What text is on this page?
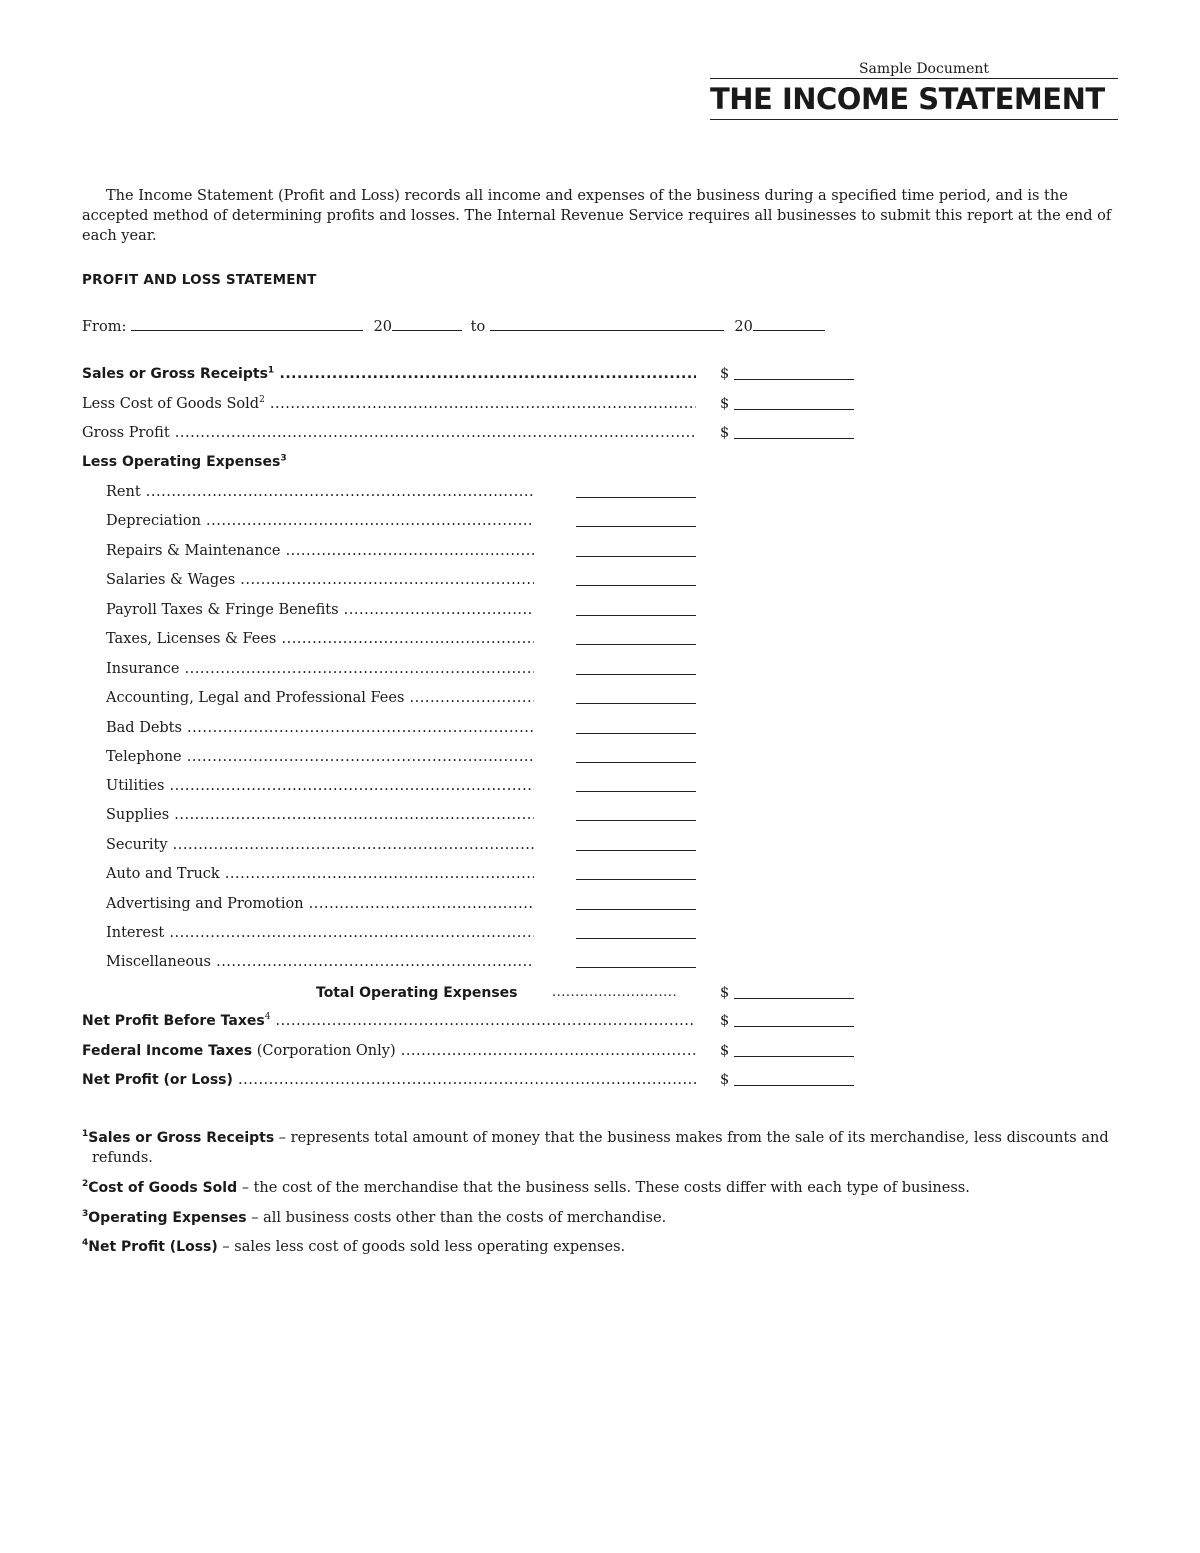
Sample Document
THE INCOME STATEMENT

The Income Statement (Profit and Loss) records all income and expenses of the business during a specified time period, and is the accepted method of determining profits and losses. The Internal Revenue Service requires all businesses to submit this report at the end of each year.

PROFIT AND LOSS STATEMENT
From:	20	to	20
Sales or Gross Receipts$^1$ .....	$
Less Cost of Goods Sold$^2$ .....	$
Gross Profit .....	$
Less Operating Expenses$^3$
Rent .....
Depreciation .....
Repairs & Maintenance .....
Salaries & Wages .....
Payroll Taxes & Fringe Benefits .....
Taxes, Licenses & Fees .....
Insurance .....
Accounting, Legal and Professional Fees .....
Bad Debts .....
Telephone .....
Utilities .....
Supplies .....
Security .....
Auto and Truck .....
Advertising and Promotion .....
Interest .....
Miscellaneous .....
Total Operating Expenses	...........................	$
Net Profit Before Taxes$^4$ .....	$
Federal Income Taxes (Corporation Only) .....	$
Net Profit (or Loss) .....	$
$^1$Sales or Gross Receipts – represents total amount of money that the business makes from the sale of its merchandise, less discounts and refunds.
$^2$Cost of Goods Sold – the cost of the merchandise that the business sells. These costs differ with each type of business.
$^3$Operating Expenses – all business costs other than the costs of merchandise.
$^4$Net Profit (Loss) – sales less cost of goods sold less operating expenses.
